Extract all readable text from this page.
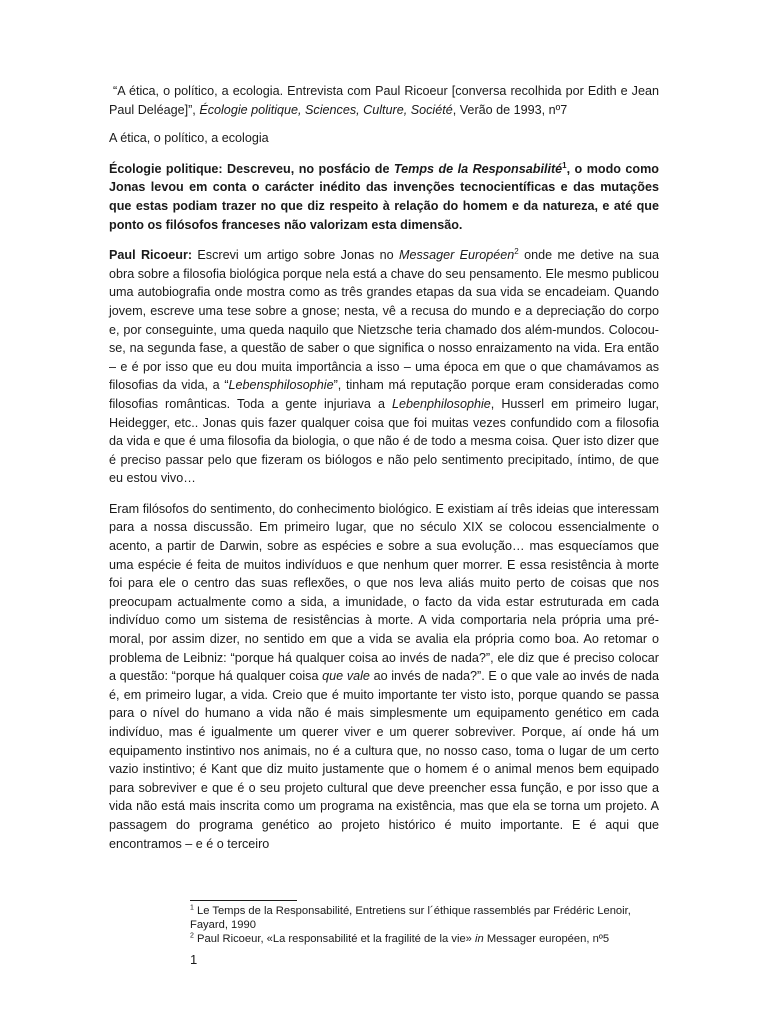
“A ética, o político, a ecologia. Entrevista com Paul Ricoeur [conversa recolhida por Edith e Jean Paul Deléage]”, Écologie politique, Sciences, Culture, Société, Verão de 1993, nº7

A ética, o político, a ecologia

Écologie politique: Descreveu, no posfácio de Temps de la Responsabilité$^1$, o modo como Jonas levou em conta o carácter inédito das invenções tecnocientíficas e das mutações que estas podiam trazer no que diz respeito à relação do homem e da natureza, e até que ponto os filósofos franceses não valorizam esta dimensão.

Paul Ricoeur: Escrevi um artigo sobre Jonas no Messager Européen$^2$ onde me detive na sua obra sobre a filosofia biológica porque nela está a chave do seu pensamento. Ele mesmo publicou uma autobiografia onde mostra como as três grandes etapas da sua vida se encadeiam. Quando jovem, escreve uma tese sobre a gnose; nesta, vê a recusa do mundo e a depreciação do corpo e, por conseguinte, uma queda naquilo que Nietzsche teria chamado dos além-mundos. Colocou-se, na segunda fase, a questão de saber o que significa o nosso enraizamento na vida. Era então – e é por isso que eu dou muita importância a isso – uma época em que o que chamávamos as filosofias da vida, a “Lebensphilosophie”, tinham má reputação porque eram consideradas como filosofias românticas. Toda a gente injuriava a Lebenphilosophie, Husserl em primeiro lugar, Heidegger, etc.. Jonas quis fazer qualquer coisa que foi muitas vezes confundido com a filosofia da vida e que é uma filosofia da biologia, o que não é de todo a mesma coisa. Quer isto dizer que é preciso passar pelo que fizeram os biólogos e não pelo sentimento precipitado, íntimo, de que eu estou vivo…

Eram filósofos do sentimento, do conhecimento biológico. E existiam aí três ideias que interessam para a nossa discussão. Em primeiro lugar, que no século XIX se colocou essencialmente o acento, a partir de Darwin, sobre as espécies e sobre a sua evolução… mas esquecíamos que uma espécie é feita de muitos indivíduos e que nenhum quer morrer. E essa resistência à morte foi para ele o centro das suas reflexões, o que nos leva aliás muito perto de coisas que nos preocupam actualmente como a sida, a imunidade, o facto da vida estar estruturada em cada indivíduo como um sistema de resistências à morte. A vida comportaria nela própria uma pré-moral, por assim dizer, no sentido em que a vida se avalia ela própria como boa. Ao retomar o problema de Leibniz: “porque há qualquer coisa ao invés de nada?”, ele diz que é preciso colocar a questão: “porque há qualquer coisa que vale ao invés de nada?”. E o que vale ao invés de nada é, em primeiro lugar, a vida. Creio que é muito importante ter visto isto, porque quando se passa para o nível do humano a vida não é mais simplesmente um equipamento genético em cada indivíduo, mas é igualmente um querer viver e um querer sobreviver. Porque, aí onde há um equipamento instintivo nos animais, no é a cultura que, no nosso caso, toma o lugar de um certo vazio instintivo; é Kant que diz muito justamente que o homem é o animal menos bem equipado para sobreviver e que é o seu projeto cultural que deve preencher essa função, e por isso que a vida não está mais inscrita como um programa na existência, mas que ela se torna um projeto. A passagem do programa genético ao projeto histórico é muito importante. E é aqui que encontramos – e é o terceiro

$^1$ Le Temps de la Responsabilité, Entretiens sur l´éthique rassemblés par Frédéric Lenoir, Fayard, 1990

$^2$ Paul Ricoeur, «La responsabilité et la fragilité de la vie» in Messager européen, nº5

1
